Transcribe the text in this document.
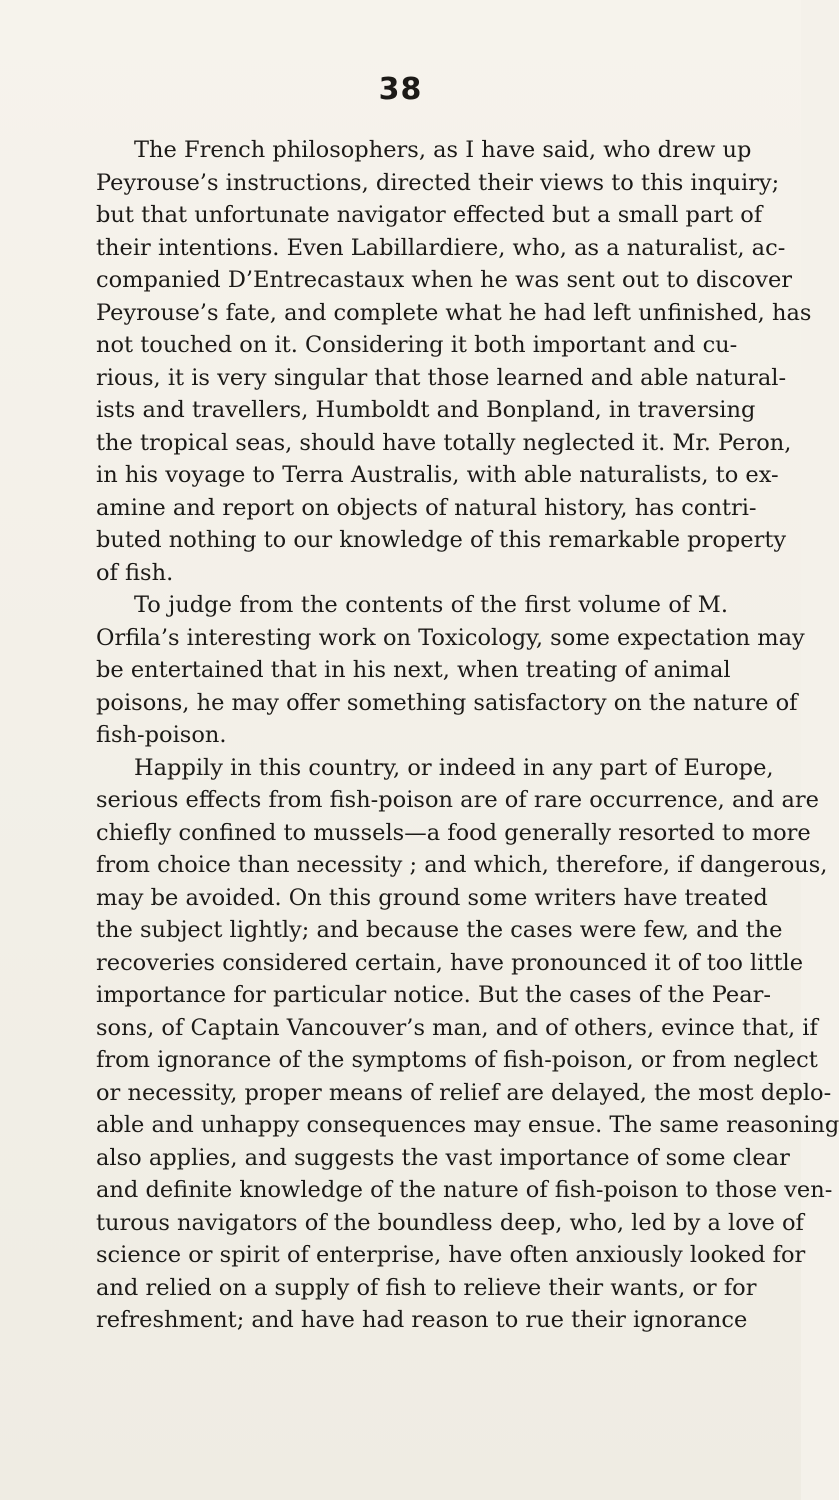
38
The French philosophers, as I have said, who drew up
Peyrouse’s instructions, directed their views to this inquiry;
but that unfortunate navigator effected but a small part of
their intentions. Even Labillardiere, who, as a naturalist, ac-
companied D’Entrecastaux when he was sent out to discover
Peyrouse’s fate, and complete what he had left unfinished, has
not touched on it. Considering it both important and cu-
rious, it is very singular that those learned and able natural-
ists and travellers, Humboldt and Bonpland, in traversing
the tropical seas, should have totally neglected it. Mr. Peron,
in his voyage to Terra Australis, with able naturalists, to ex-
amine and report on objects of natural history, has contri-
buted nothing to our knowledge of this remarkable property
of fish.
To judge from the contents of the first volume of M.
Orfila’s interesting work on Toxicology, some expectation may
be entertained that in his next, when treating of animal
poisons, he may offer something satisfactory on the nature of
fish-poison.
Happily in this country, or indeed in any part of Europe,
serious effects from fish-poison are of rare occurrence, and are
chiefly confined to mussels—a food generally resorted to more
from choice than necessity ; and which, therefore, if dangerous,
may be avoided. On this ground some writers have treated
the subject lightly; and because the cases were few, and the
recoveries considered certain, have pronounced it of too little
importance for particular notice. But the cases of the Pear-
sons, of Captain Vancouver’s man, and of others, evince that, if
from ignorance of the symptoms of fish-poison, or from neglect
or necessity, proper means of relief are delayed, the most deplo-
able and unhappy consequences may ensue. The same reasoning
also applies, and suggests the vast importance of some clear
and definite knowledge of the nature of fish-poison to those ven-
turous navigators of the boundless deep, who, led by a love of
science or spirit of enterprise, have often anxiously looked for
and relied on a supply of fish to relieve their wants, or for
refreshment; and have had reason to rue their ignorance
